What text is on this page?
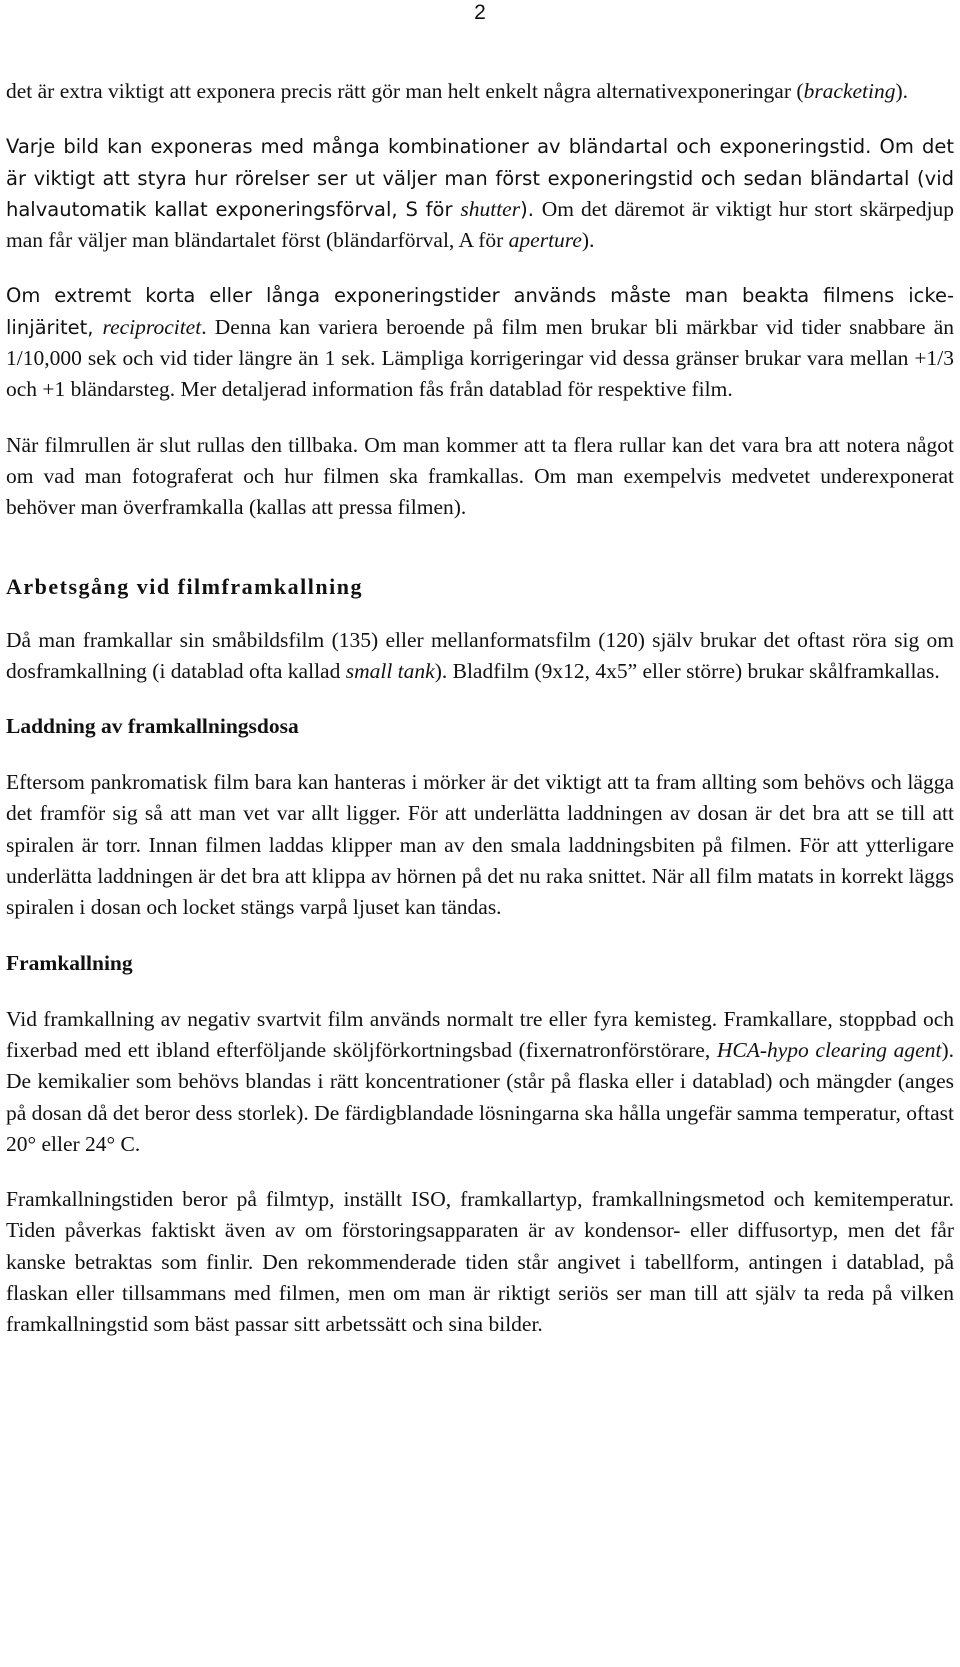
2

det är extra viktigt att exponera precis rätt gör man helt enkelt några alternativexponeringar (bracketing).

Varje bild kan exponeras med många kombinationer av bländartal och exponeringstid. Om det är viktigt att styra hur rörelser ser ut väljer man först exponeringstid och sedan bländartal (vid halvautomatik kallat exponeringsförval, S för shutter). Om det däremot är viktigt hur stort skärpedjup man får väljer man bländartalet först (bländarförval, A för aperture).

Om extremt korta eller långa exponeringstider används måste man beakta filmens icke-linjäritet, reciprocitet. Denna kan variera beroende på film men brukar bli märkbar vid tider snabbare än 1/10,000 sek och vid tider längre än 1 sek. Lämpliga korrigeringar vid dessa gränser brukar vara mellan +1/3 och +1 bländarsteg. Mer detaljerad information fås från datablad för respektive film.

När filmrullen är slut rullas den tillbaka. Om man kommer att ta flera rullar kan det vara bra att notera något om vad man fotograferat och hur filmen ska framkallas. Om man exempelvis medvetet underexponerat behöver man överframkalla (kallas att pressa filmen).

Arbetsgång vid filmframkallning

Då man framkallar sin småbildsfilm (135) eller mellanformatsfilm (120) själv brukar det oftast röra sig om dosframkallning (i datablad ofta kallad small tank). Bladfilm (9x12, 4x5” eller större) brukar skålframkallas.

Laddning av framkallningsdosa

Eftersom pankromatisk film bara kan hanteras i mörker är det viktigt att ta fram allting som behövs och lägga det framför sig så att man vet var allt ligger. För att underlätta laddningen av dosan är det bra att se till att spiralen är torr. Innan filmen laddas klipper man av den smala laddningsbiten på filmen. För att ytterligare underlätta laddningen är det bra att klippa av hörnen på det nu raka snittet. När all film matats in korrekt läggs spiralen i dosan och locket stängs varpå ljuset kan tändas.

Framkallning

Vid framkallning av negativ svartvit film används normalt tre eller fyra kemisteg. Framkallare, stoppbad och fixerbad med ett ibland efterföljande sköljförkortningsbad (fixernatronförstörare, HCA-hypo clearing agent). De kemikalier som behövs blandas i rätt koncentrationer (står på flaska eller i datablad) och mängder (anges på dosan då det beror dess storlek). De färdigblandade lösningarna ska hålla ungefär samma temperatur, oftast 20° eller 24° C.

Framkallningstiden beror på filmtyp, inställt ISO, framkallartyp, framkallningsmetod och kemitemperatur. Tiden påverkas faktiskt även av om förstoringsapparaten är av kondensor- eller diffusortyp, men det får kanske betraktas som finlir. Den rekommenderade tiden står angivet i tabellform, antingen i datablad, på flaskan eller tillsammans med filmen, men om man är riktigt seriös ser man till att själv ta reda på vilken framkallningstid som bäst passar sitt arbetssätt och sina bilder.
